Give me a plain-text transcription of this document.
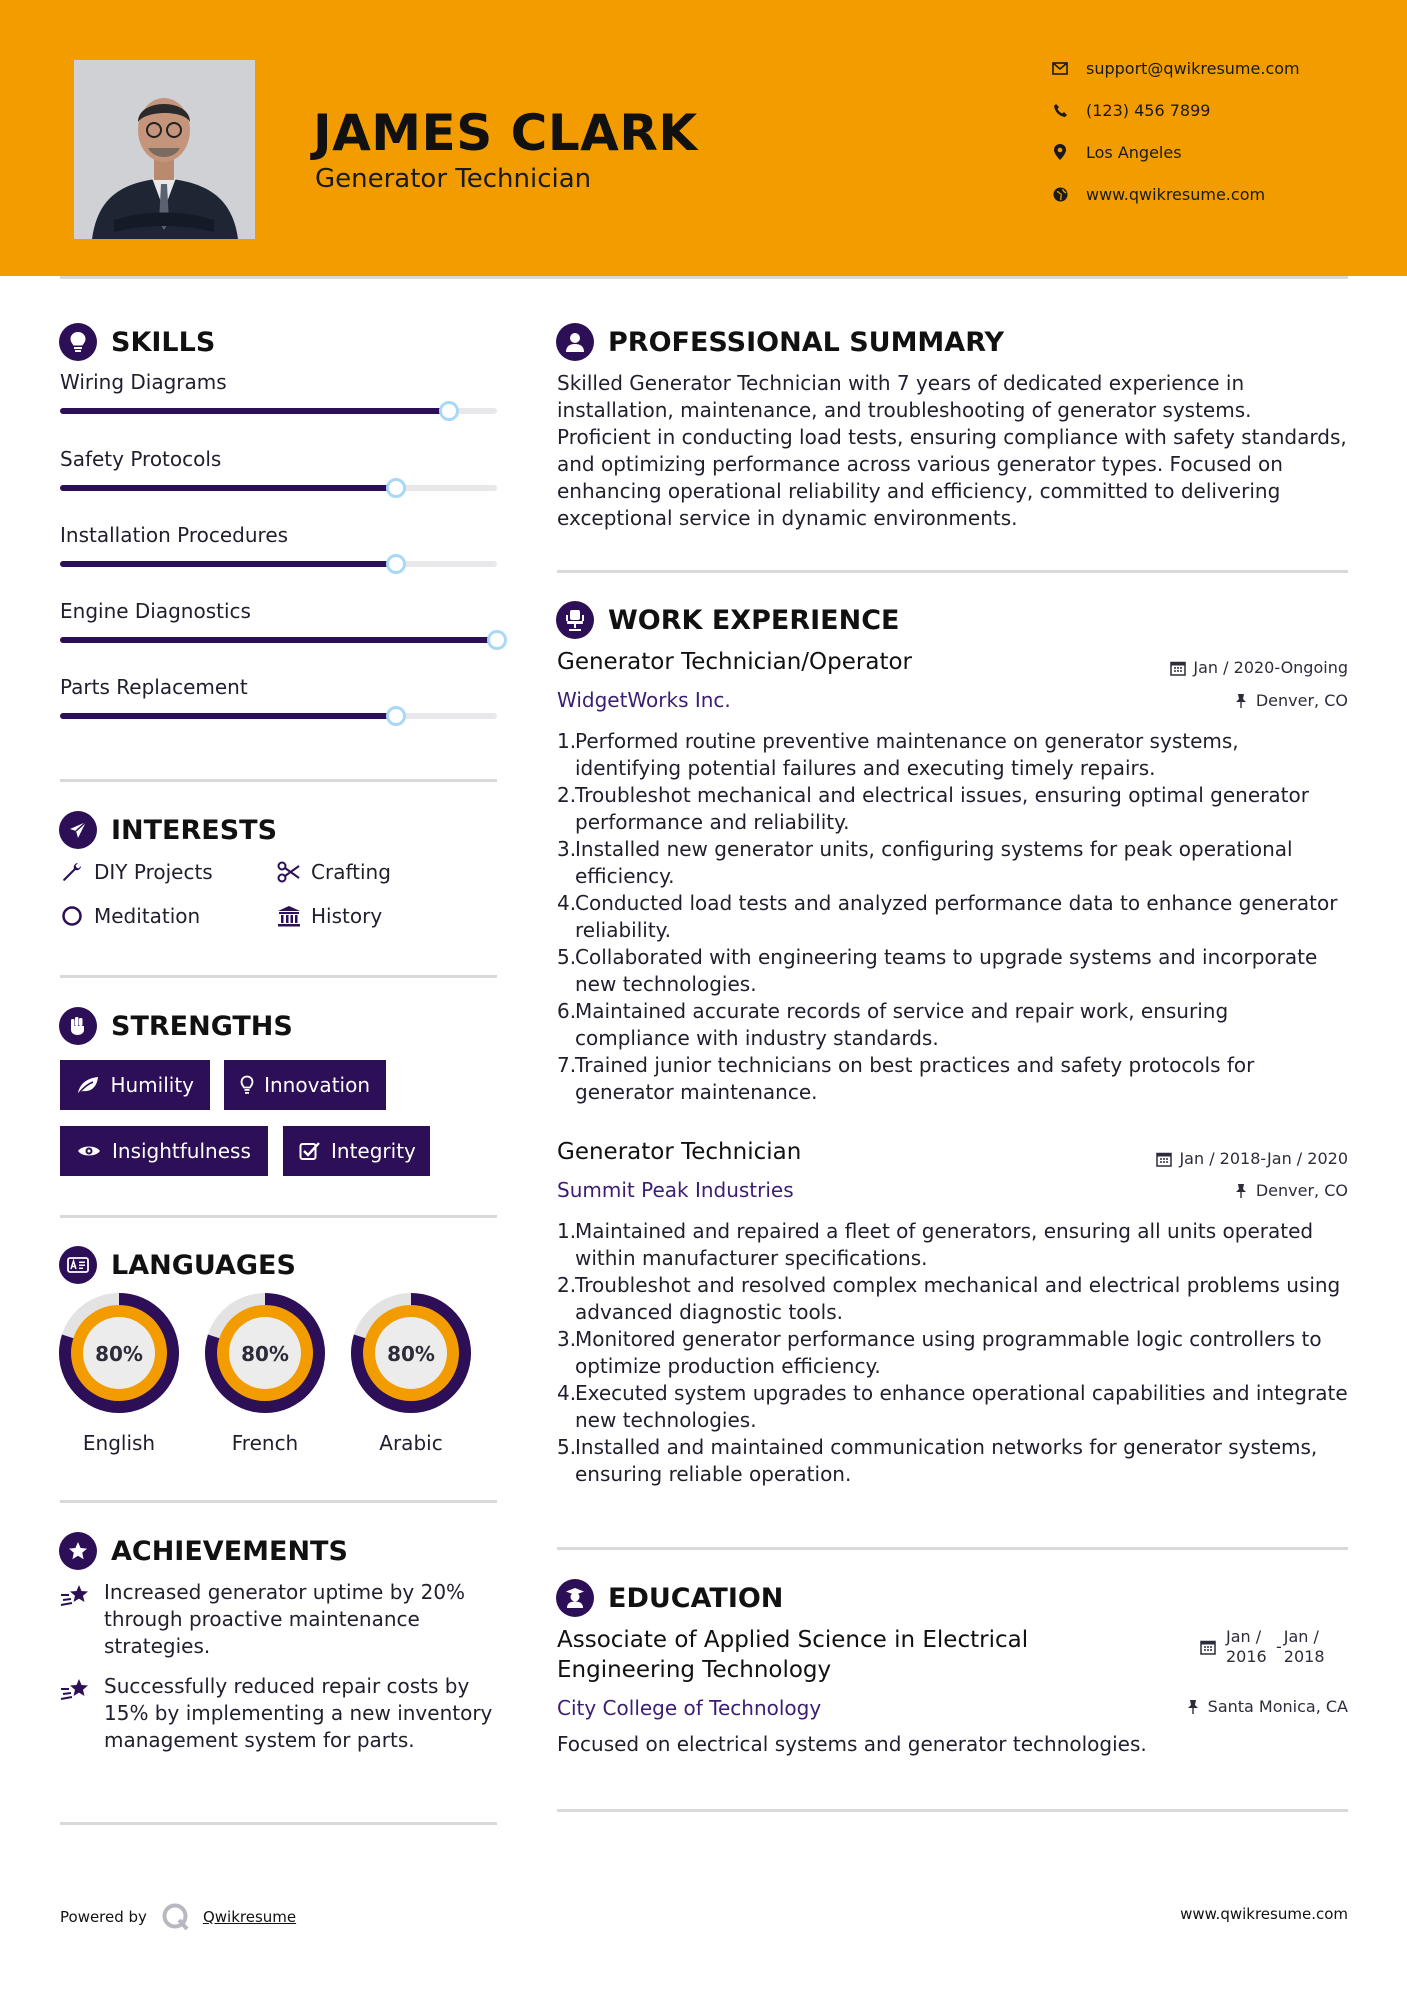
JAMES CLARK
Generator Technician
support@qwikresume.com
(123) 456 7899
Los Angeles
www.qwikresume.com
SKILLS
Wiring Diagrams
Safety Protocols
Installation Procedures
Engine Diagnostics
Parts Replacement
INTERESTS
DIY Projects	Crafting
Meditation	History
STRENGTHS
Humility	Innovation
Insightfulness	Integrity
LANGUAGES
80%
English
80%
French
80%
Arabic
ACHIEVEMENTS
Increased generator uptime by 20% through proactive maintenance strategies.
Successfully reduced repair costs by 15% by implementing a new inventory management system for parts.
PROFESSIONAL SUMMARY
Skilled Generator Technician with 7 years of dedicated experience in installation, maintenance, and troubleshooting of generator systems. Proficient in conducting load tests, ensuring compliance with safety standards, and optimizing performance across various generator types. Focused on enhancing operational reliability and efficiency, committed to delivering exceptional service in dynamic environments.
WORK EXPERIENCE
Generator Technician/Operator	Jan / 2020-Ongoing
WidgetWorks Inc.	Denver, CO
1.
Performed routine preventive maintenance on generator systems, identifying potential failures and executing timely repairs.
2.
Troubleshot mechanical and electrical issues, ensuring optimal generator performance and reliability.
3.
Installed new generator units, configuring systems for peak operational efficiency.
4.
Conducted load tests and analyzed performance data to enhance generator reliability.
5.
Collaborated with engineering teams to upgrade systems and incorporate new technologies.
6.
Maintained accurate records of service and repair work, ensuring compliance with industry standards.
7.
Trained junior technicians on best practices and safety protocols for generator maintenance.
Generator Technician	Jan / 2018-Jan / 2020
Summit Peak Industries	Denver, CO
1.
Maintained and repaired a fleet of generators, ensuring all units operated within manufacturer specifications.
2.
Troubleshot and resolved complex mechanical and electrical problems using advanced diagnostic tools.
3.
Monitored generator performance using programmable logic controllers to optimize production efficiency.
4.
Executed system upgrades to enhance operational capabilities and integrate new technologies.
5.
Installed and maintained communication networks for generator systems, ensuring reliable operation.
EDUCATION
Associate of Applied Science in Electrical Engineering Technology
Jan / 2016
-
Jan / 2018
City College of Technology	Santa Monica, CA
Focused on electrical systems and generator technologies.
Powered by	Qwikresume	www.qwikresume.com
